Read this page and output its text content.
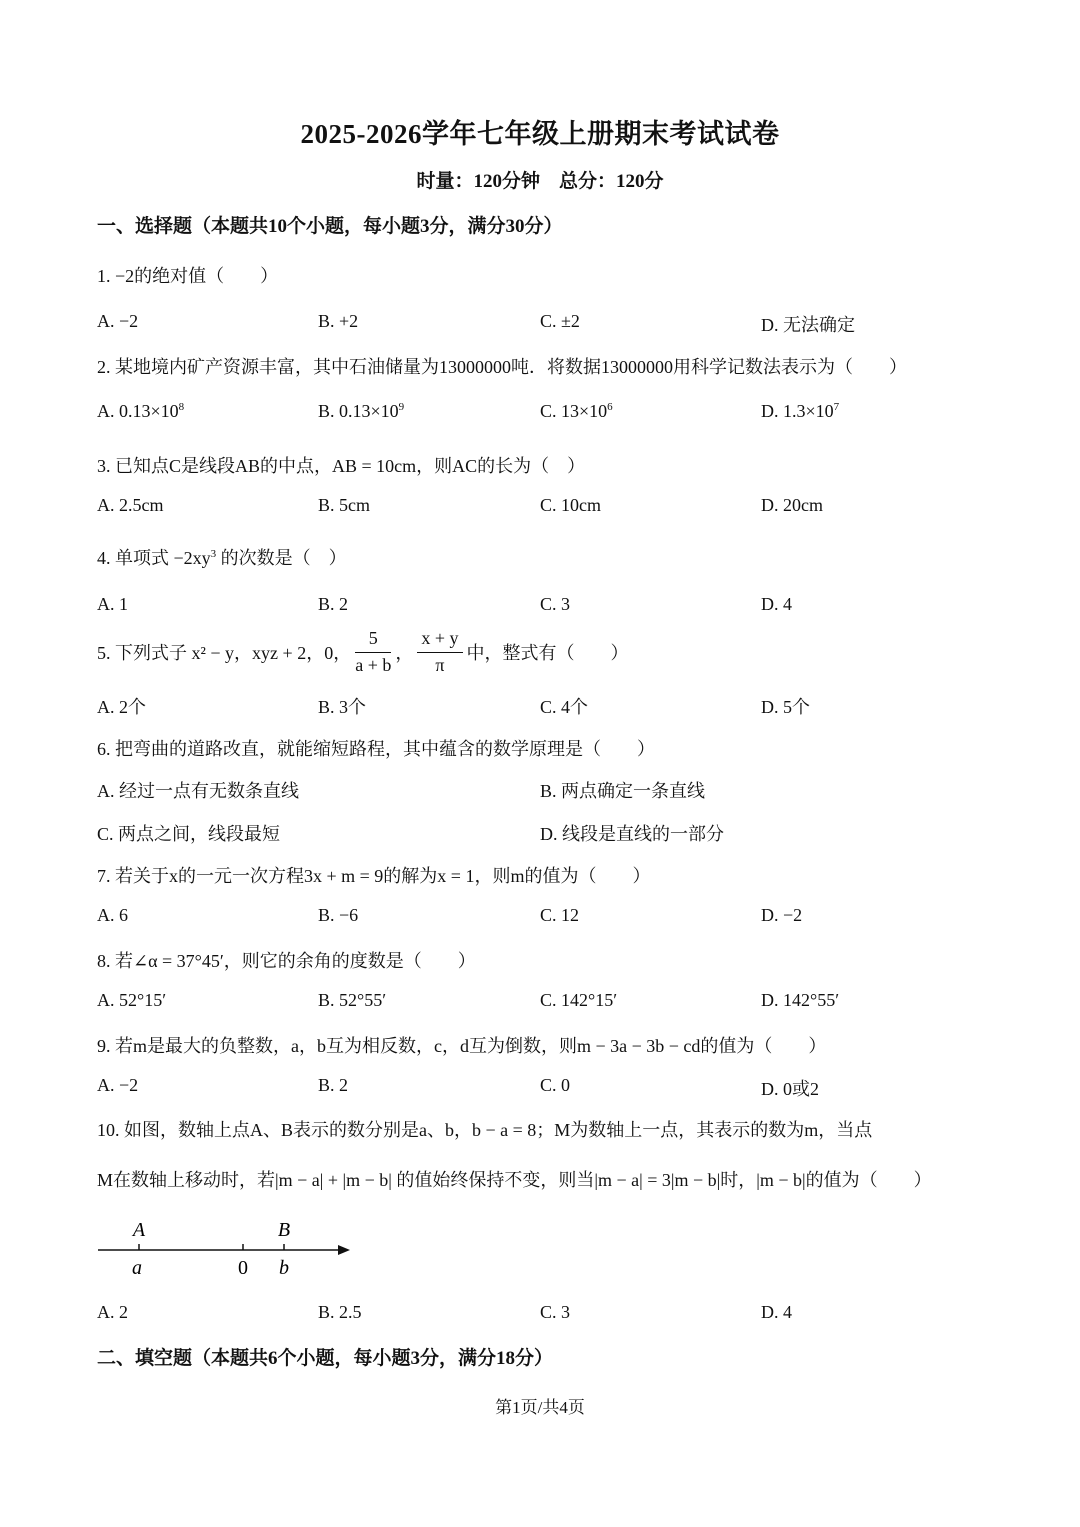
2025-2026学年七年级上册期末考试试卷
时量：120分钟　总分：120分
一、选择题（本题共10个小题，每小题3分，满分30分）
1. −2的绝对值（　　）
A. −2	B. +2	C. ±2	D. 无法确定
2. 某地境内矿产资源丰富，其中石油储量为13000000吨．将数据13000000用科学记数法表示为（　　）
A. $0.13\times 10^8$	B. $0.13\times 10^9$	C. $13\times 10^6$	D. $1.3\times 10^7$
3. 已知点C是线段AB的中点，AB = 10cm，则AC的长为（　）
A. 2.5cm	B. 5cm	C. 10cm	D. 20cm
4. 单项式 $-2xy^3$ 的次数是（　）
A. 1	B. 2	C. 3	D. 4
5. 下列式子 x² − y，xyz + 2，0， $\frac{5}{a + b}$ ， $\frac{x + y}{\pi}$ 中，整式有（　　）
A. 2个	B. 3个	C. 4个	D. 5个
6. 把弯曲的道路改直，就能缩短路程，其中蕴含的数学原理是（　　）
A. 经过一点有无数条直线	B. 两点确定一条直线
C. 两点之间，线段最短	D. 线段是直线的一部分
7. 若关于x的一元一次方程3x + m = 9的解为x = 1，则m的值为（　　）
A. 6	B. −6	C. 12	D. −2
8. 若∠α = 37°45′，则它的余角的度数是（　　）
A. 52°15′	B. 52°55′	C. 142°15′	D. 142°55′
9. 若m是最大的负整数，a，b互为相反数，c，d互为倒数，则m − 3a − 3b − cd的值为（　　）
A. −2	B. 2	C. 0	D. 0或2
10. 如图，数轴上点A、B表示的数分别是a、b，b − a = 8；M为数轴上一点，其表示的数为m，当点
M在数轴上移动时，若|m − a| + |m − b| 的值始终保持不变，则当|m − a| = 3|m − b|时，|m − b|的值为（　　）
A	B
a	0 b
A. 2	B. 2.5	C. 3	D. 4
二、填空题（本题共6个小题，每小题3分，满分18分）
第1页/共4页
